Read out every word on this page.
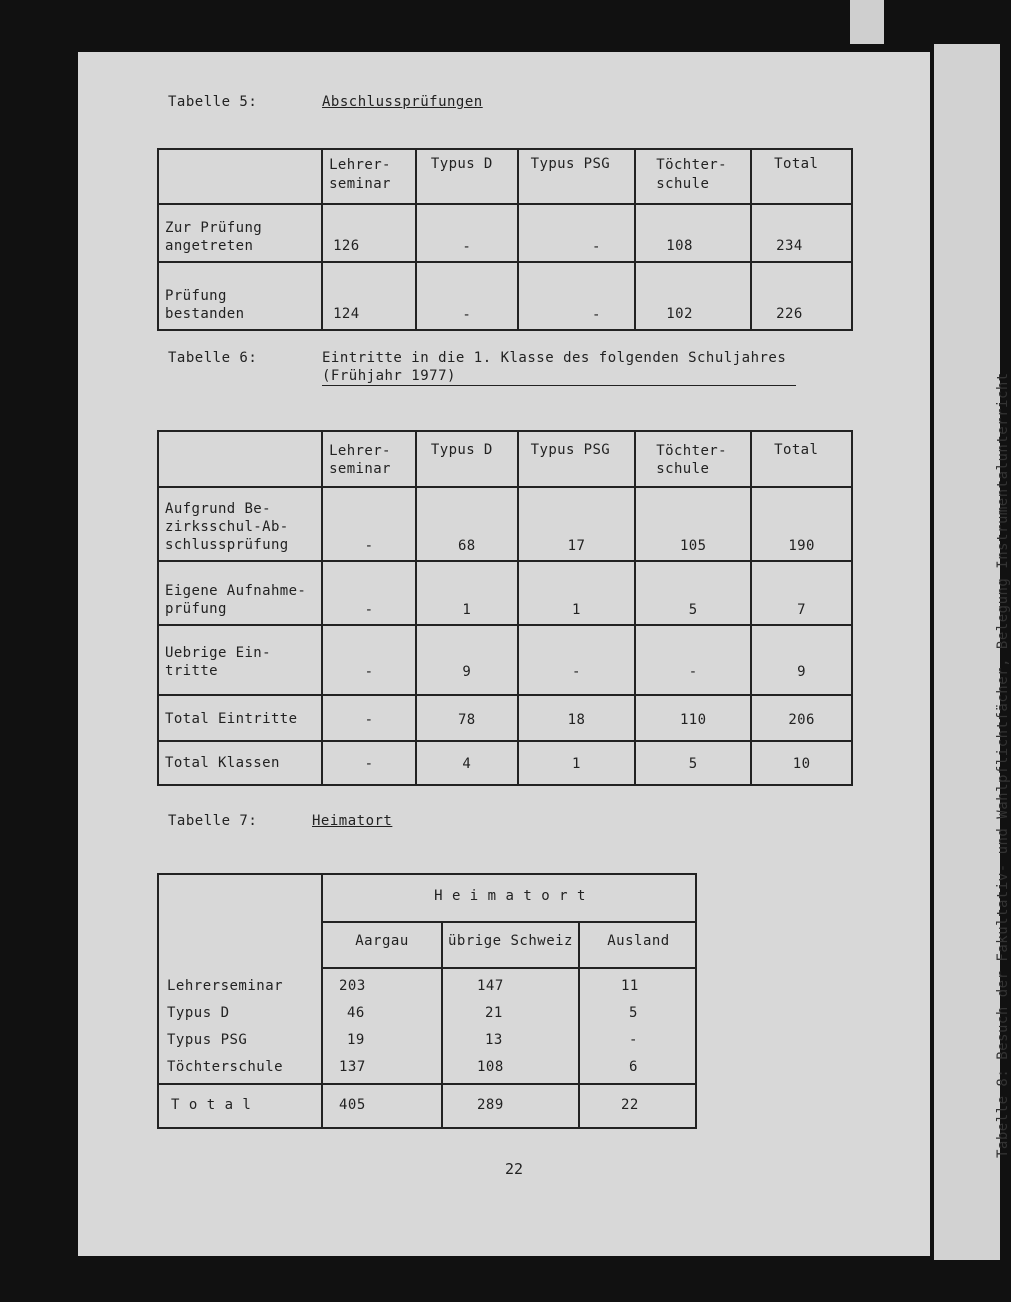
Tabelle 8: Besuch der Fakultativ- und Wahlpflichtfächer, Belegung Instrumentalunterricht
Tabelle 5:	Abschlussprüfungen
	Lehrer-
seminar	Typus D	Typus PSG	Töchter-
schule	Total

Zur Prüfung
angetreten	126	-	-	108	234

Prüfung
bestanden	124	-	-	102	226
Tabelle 6:	Eintritte in die 1. Klasse des folgenden Schuljahres
(Frühjahr 1977)
	Lehrer-
seminar	Typus D	Typus PSG	Töchter-
schule	Total

Aufgrund Be-
zirksschul-Ab-
schlussprüfung	-	68	17	105	190

Eigene Aufnahme-
prüfung	-	1	1	5	7

Uebrige Ein-
tritte	-	9	-	-	9

Total Eintritte	-	78	18	110	206

Total Klassen	-	4	1	5	10
Tabelle 7:	Heimatort
H e i m a t o r t
Aargau	übrige Schweiz	Ausland
Lehrerseminar	203	147	11
Typus D	46	21	5
Typus PSG	19	13	-
Töchterschule	137	108	6
T o t a l	405	289	22
22
